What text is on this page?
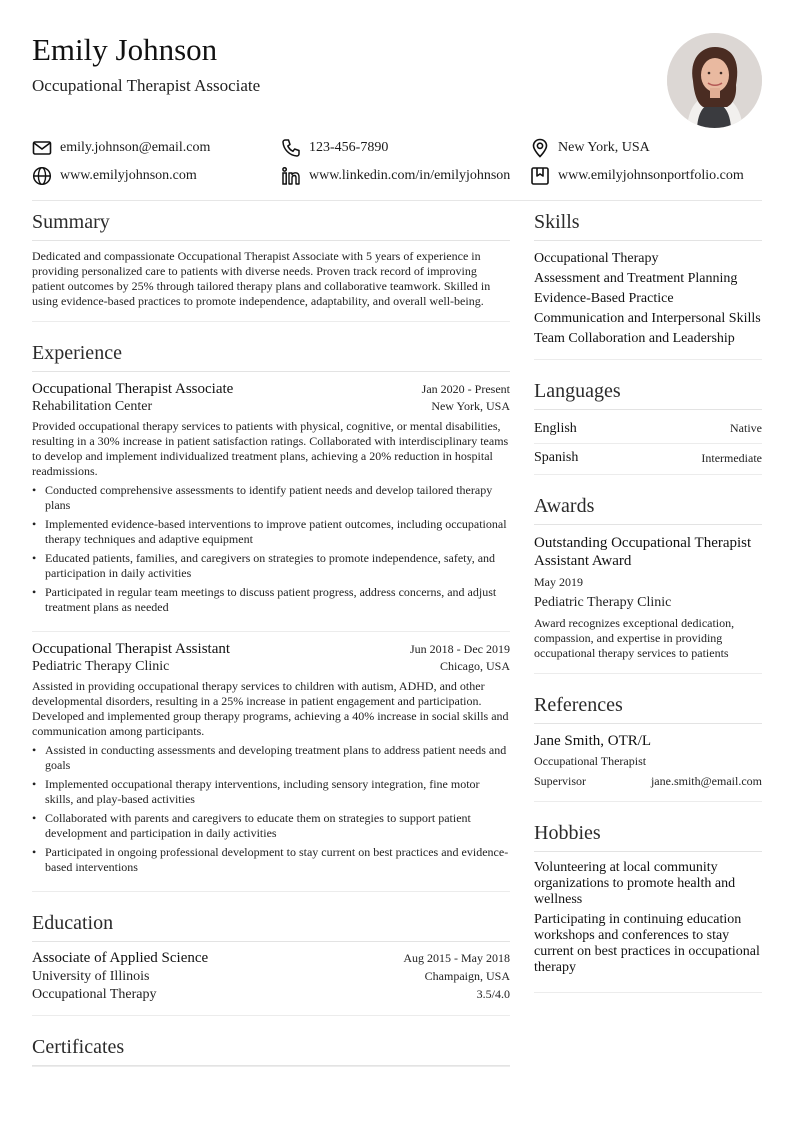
Emily Johnson
Occupational Therapist Associate
emily.johnson@email.com	123-456-7890	New York, USA
www.emilyjohnson.com	www.linkedin.com/in/emilyjohnson	www.emilyjohnsonportfolio.com
Summary

Dedicated and compassionate Occupational Therapist Associate with 5 years of experience in providing personalized care to patients with diverse needs. Proven track record of improving patient outcomes by 25% through tailored therapy plans and collaborative teamwork. Skilled in using evidence-based practices to promote independence, adaptability, and overall well-being.

Experience
Occupational Therapist Associate	Jan 2020 - Present
Rehabilitation Center	New York, USA

Provided occupational therapy services to patients with physical, cognitive, or mental disabilities, resulting in a 30% increase in patient satisfaction ratings. Collaborated with interdisciplinary teams to develop and implement individualized treatment plans, achieving a 20% reduction in hospital readmissions.

• Conducted comprehensive assessments to identify patient needs and develop tailored therapy plans
• Implemented evidence-based interventions to improve patient outcomes, including occupational therapy techniques and adaptive equipment
• Educated patients, families, and caregivers on strategies to promote independence, safety, and participation in daily activities
• Participated in regular team meetings to discuss patient progress, address concerns, and adjust treatment plans as needed
Occupational Therapist Assistant	Jun 2018 - Dec 2019
Pediatric Therapy Clinic	Chicago, USA

Assisted in providing occupational therapy services to children with autism, ADHD, and other developmental disorders, resulting in a 25% increase in patient engagement and participation. Developed and implemented group therapy programs, achieving a 40% increase in social skills and communication among participants.

• Assisted in conducting assessments and developing treatment plans to address patient needs and goals
• Implemented occupational therapy interventions, including sensory integration, fine motor skills, and play-based activities
• Collaborated with parents and caregivers to educate them on strategies to support patient development and participation in daily activities
• Participated in ongoing professional development to stay current on best practices and evidence-based interventions
Education
Associate of Applied Science	Aug 2015 - May 2018
University of Illinois	Champaign, USA
Occupational Therapy	3.5/4.0
Certificates
Skills
Occupational Therapy
Assessment and Treatment Planning
Evidence-Based Practice
Communication and Interpersonal Skills
Team Collaboration and Leadership
Languages
English	Native
Spanish	Intermediate
Awards
Outstanding Occupational Therapist Assistant Award
May 2019
Pediatric Therapy Clinic
Award recognizes exceptional dedication, compassion, and expertise in providing occupational therapy services to patients
References
Jane Smith, OTR/L
Occupational Therapist
Supervisor	jane.smith@email.com
Hobbies
Volunteering at local community organizations to promote health and wellness
Participating in continuing education workshops and conferences to stay current on best practices in occupational therapy
